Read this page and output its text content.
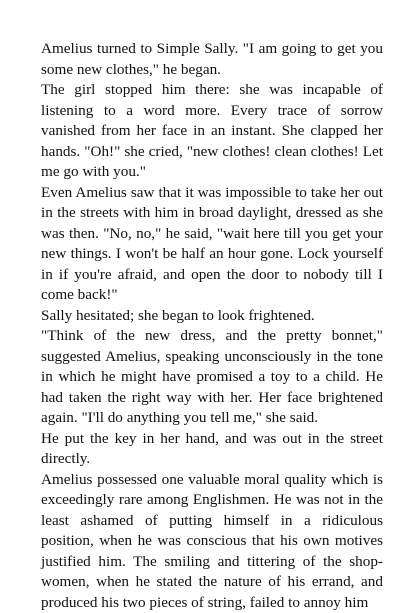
Amelius turned to Simple Sally. "I am going to get you some new clothes," he began.

The girl stopped him there: she was incapable of listening to a word more. Every trace of sorrow vanished from her face in an instant. She clapped her hands. "Oh!" she cried, "new clothes! clean clothes! Let me go with you."

Even Amelius saw that it was impossible to take her out in the streets with him in broad daylight, dressed as she was then. "No, no," he said, "wait here till you get your new things. I won't be half an hour gone. Lock yourself in if you're afraid, and open the door to nobody till I come back!"

Sally hesitated; she began to look frightened.

"Think of the new dress, and the pretty bonnet," suggested Amelius, speaking unconsciously in the tone in which he might have promised a toy to a child. He had taken the right way with her. Her face brightened again. "I'll do anything you tell me," she said.

He put the key in her hand, and was out in the street directly.

Amelius possessed one valuable moral quality which is exceedingly rare among Englishmen. He was not in the least ashamed of putting himself in a ridiculous position, when he was conscious that his own motives justified him. The smiling and tittering of the shop-women, when he stated the nature of his errand, and produced his two pieces of string, failed to annoy him
